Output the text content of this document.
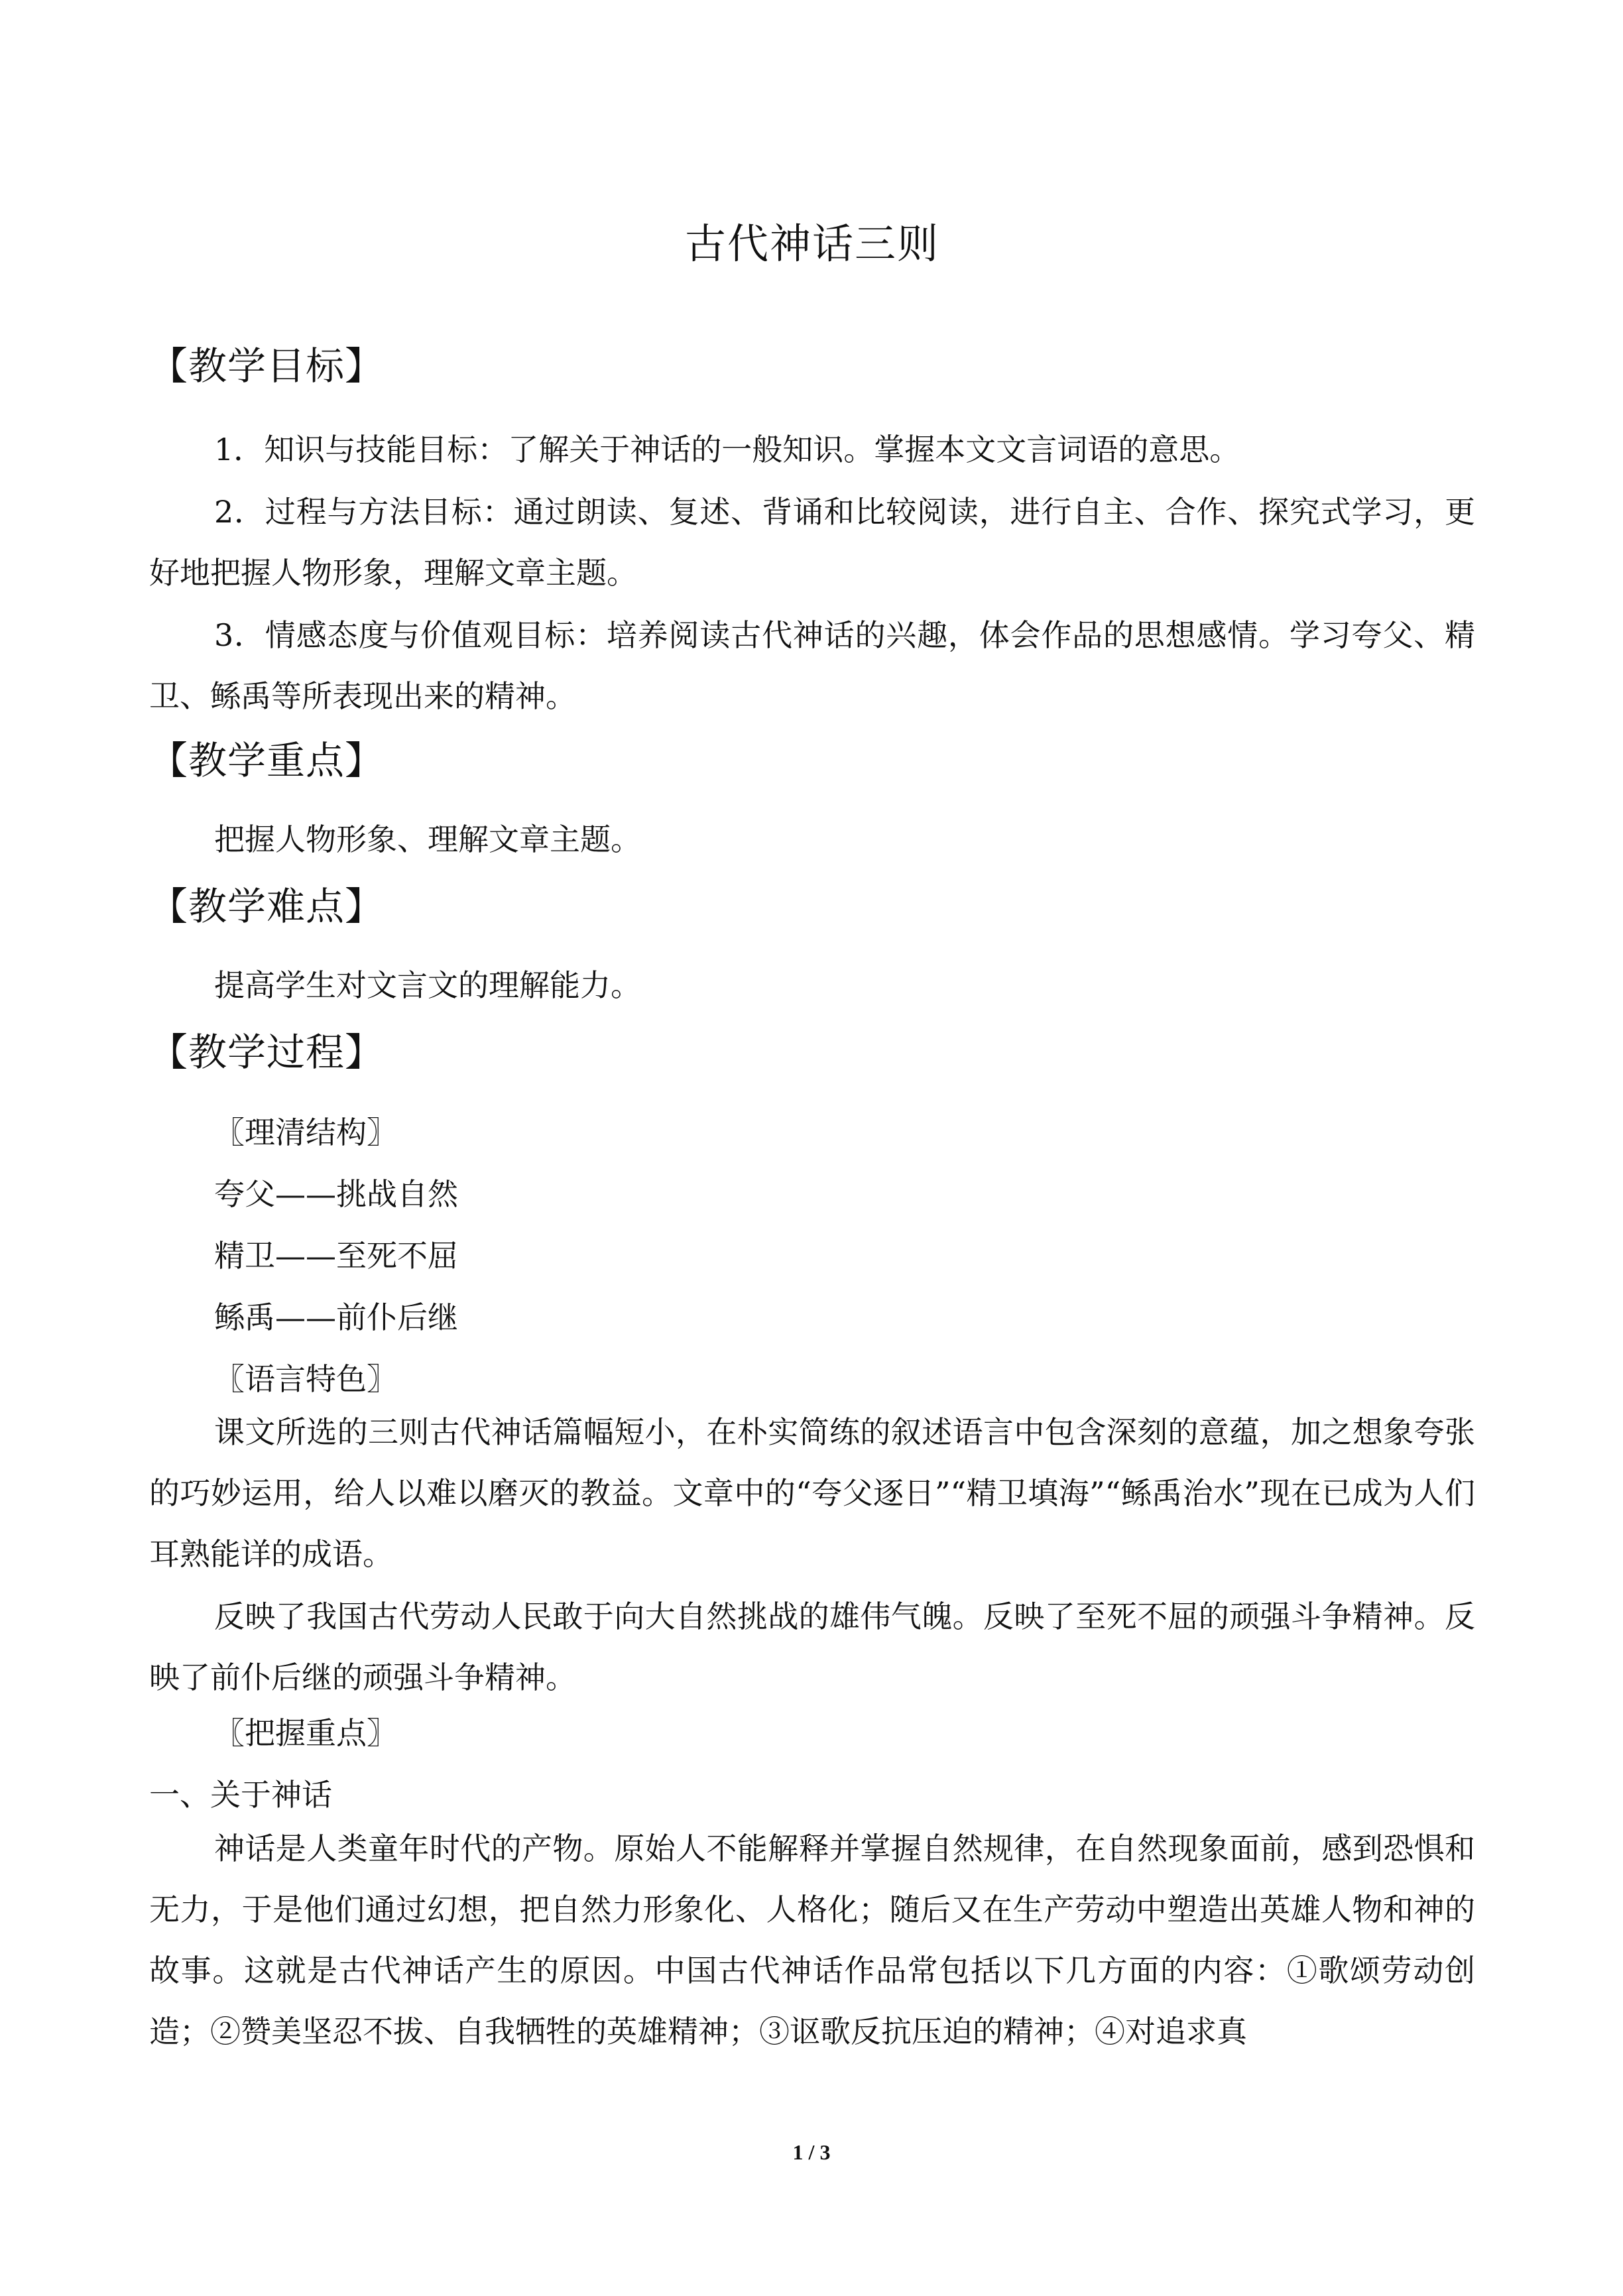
古代神话三则
【教学目标】
1．知识与技能目标：了解关于神话的一般知识。掌握本文文言词语的意思。
2．过程与方法目标：通过朗读、复述、背诵和比较阅读，进行自主、合作、探究式学习，更好地把握人物形象，理解文章主题。
3．情感态度与价值观目标：培养阅读古代神话的兴趣，体会作品的思想感情。学习夸父、精卫、鲧禹等所表现出来的精神。
【教学重点】
把握人物形象、理解文章主题。
【教学难点】
提高学生对文言文的理解能力。
【教学过程】
〖理清结构〗
夸父——挑战自然
精卫——至死不屈
鲧禹——前仆后继
〖语言特色〗
课文所选的三则古代神话篇幅短小，在朴实简练的叙述语言中包含深刻的意蕴，加之想象夸张的巧妙运用，给人以难以磨灭的教益。文章中的“夸父逐日”“精卫填海”“鲧禹治水”现在已成为人们耳熟能详的成语。
反映了我国古代劳动人民敢于向大自然挑战的雄伟气魄。反映了至死不屈的顽强斗争精神。反映了前仆后继的顽强斗争精神。
〖把握重点〗
一、关于神话
神话是人类童年时代的产物。原始人不能解释并掌握自然规律，在自然现象面前，感到恐惧和无力，于是他们通过幻想，把自然力形象化、人格化；随后又在生产劳动中塑造出英雄人物和神的故事。这就是古代神话产生的原因。中国古代神话作品常包括以下几方面的内容：①歌颂劳动创造；②赞美坚忍不拔、自我牺牲的英雄精神；③讴歌反抗压迫的精神；④对追求真
1 / 3
